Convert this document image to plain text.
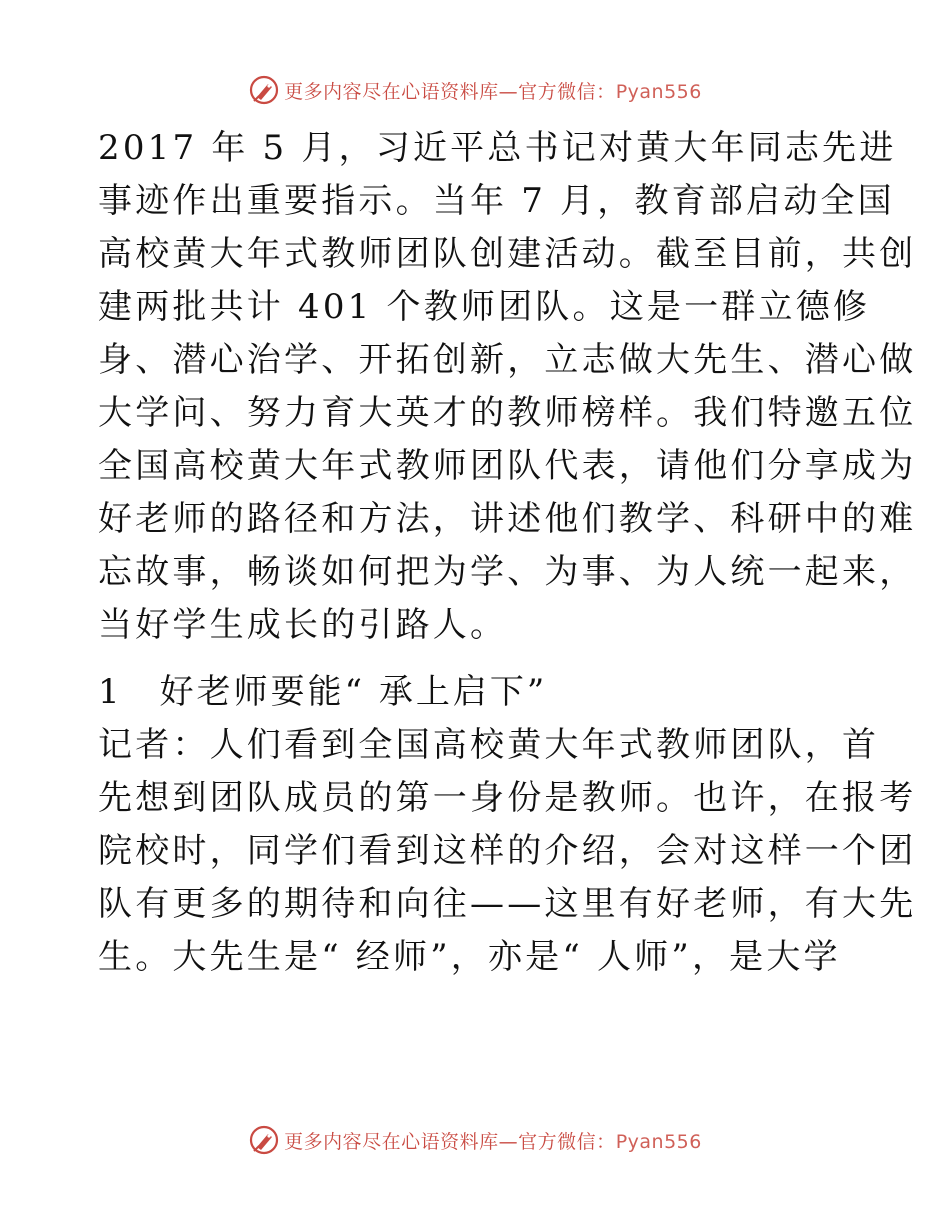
更多内容尽在心语资料库—官方微信：Pyan556

2017 年 5 月，习近平总书记对黄大年同志先进
事迹作出重要指示。当年 7 月，教育部启动全国
高校黄大年式教师团队创建活动。截至目前，共创
建两批共计 401 个教师团队。这是一群立德修
身、潜心治学、开拓创新，立志做大先生、潜心做
大学问、努力育大英才的教师榜样。我们特邀五位
全国高校黄大年式教师团队代表，请他们分享成为
好老师的路径和方法，讲述他们教学、科研中的难
忘故事，畅谈如何把为学、为事、为人统一起来，
当好学生成长的引路人。

1　好老师要能“ 承上启下”

记者：人们看到全国高校黄大年式教师团队，首
先想到团队成员的第一身份是教师。也许，在报考
院校时，同学们看到这样的介绍，会对这样一个团
队有更多的期待和向往——这里有好老师，有大先
生。大先生是“ 经师”，亦是“ 人师”，是大学

更多内容尽在心语资料库—官方微信：Pyan556
